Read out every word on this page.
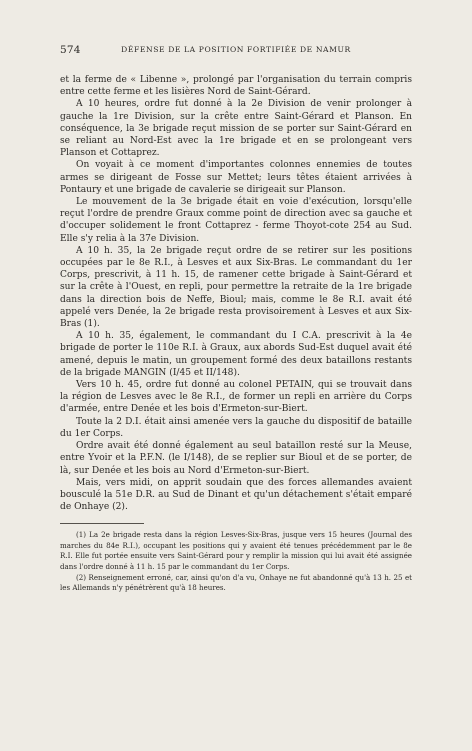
574	DÉFENSE DE LA POSITION FORTIFIÉE DE NAMUR

et la ferme de « Libenne », prolongé par l'organisation du terrain compris entre cette ferme et les lisières Nord de Saint-Gérard.

A 10 heures, ordre fut donné à la 2e Division de venir prolonger à gauche la 1re Division, sur la crête entre Saint-Gérard et Planson. En conséquence, la 3e brigade reçut mission de se porter sur Saint-Gérard en se reliant au Nord-Est avec la 1re brigade et en se prolongeant vers Planson et Cottaprez.

On voyait à ce moment d'importantes colonnes ennemies de toutes armes se dirigeant de Fosse sur Mettet; leurs têtes étaient arrivées à Pontaury et une brigade de cavalerie se dirigeait sur Planson.

Le mouvement de la 3e brigade était en voie d'exécution, lorsqu'elle reçut l'ordre de prendre Graux comme point de direction avec sa gauche et d'occuper solidement le front Cottaprez - ferme Thoyot-cote 254 au Sud. Elle s'y relia à la 37e Division.

A 10 h. 35, la 2e brigade reçut ordre de se retirer sur les positions occupées par le 8e R.I., à Lesves et aux Six-Bras. Le commandant du 1er Corps, prescrivit, à 11 h. 15, de ramener cette brigade à Saint-Gérard et sur la crête à l'Ouest, en repli, pour permettre la retraite de la 1re brigade dans la direction bois de Neffe, Bioul; mais, comme le 8e R.I. avait été appelé vers Denée, la 2e brigade resta provisoirement à Lesves et aux Six-Bras (1).

A 10 h. 35, également, le commandant du I C.A. prescrivit à la 4e brigade de porter le 110e R.I. à Graux, aux abords Sud-Est duquel avait été amené, depuis le matin, un groupement formé des deux bataillons restants de la brigade MANGIN (I/45 et II/148).

Vers 10 h. 45, ordre fut donné au colonel PETAIN, qui se trouvait dans la région de Lesves avec le 8e R.I., de former un repli en arrière du Corps d'armée, entre Denée et les bois d'Ermeton-sur-Biert.

Toute la 2 D.I. était ainsi amenée vers la gauche du dispositif de bataille du 1er Corps.

Ordre avait été donné également au seul bataillon resté sur la Meuse, entre Yvoir et la P.F.N. (le I/148), de se replier sur Bioul et de se porter, de là, sur Denée et les bois au Nord d'Ermeton-sur-Biert.

Mais, vers midi, on apprit soudain que des forces allemandes avaient bousculé la 51e D.R. au Sud de Dinant et qu'un détachement s'était emparé de Onhaye (2).

(1) La 2e brigade resta dans la région Lesves-Six-Bras, jusque vers 15 heures (Journal des marches du 84e R.I.), occupant les positions qui y avaient été tenues précédemment par le 8e R.I. Elle fut portée ensuite vers Saint-Gérard pour y remplir la mission qui lui avait été assignée dans l'ordre donné à 11 h. 15 par le commandant du 1er Corps.

(2) Renseignement erroné, car, ainsi qu'on d'a vu, Onhaye ne fut abandonné qu'à 13 h. 25 et les Allemands n'y pénétrèrent qu'à 18 heures.
